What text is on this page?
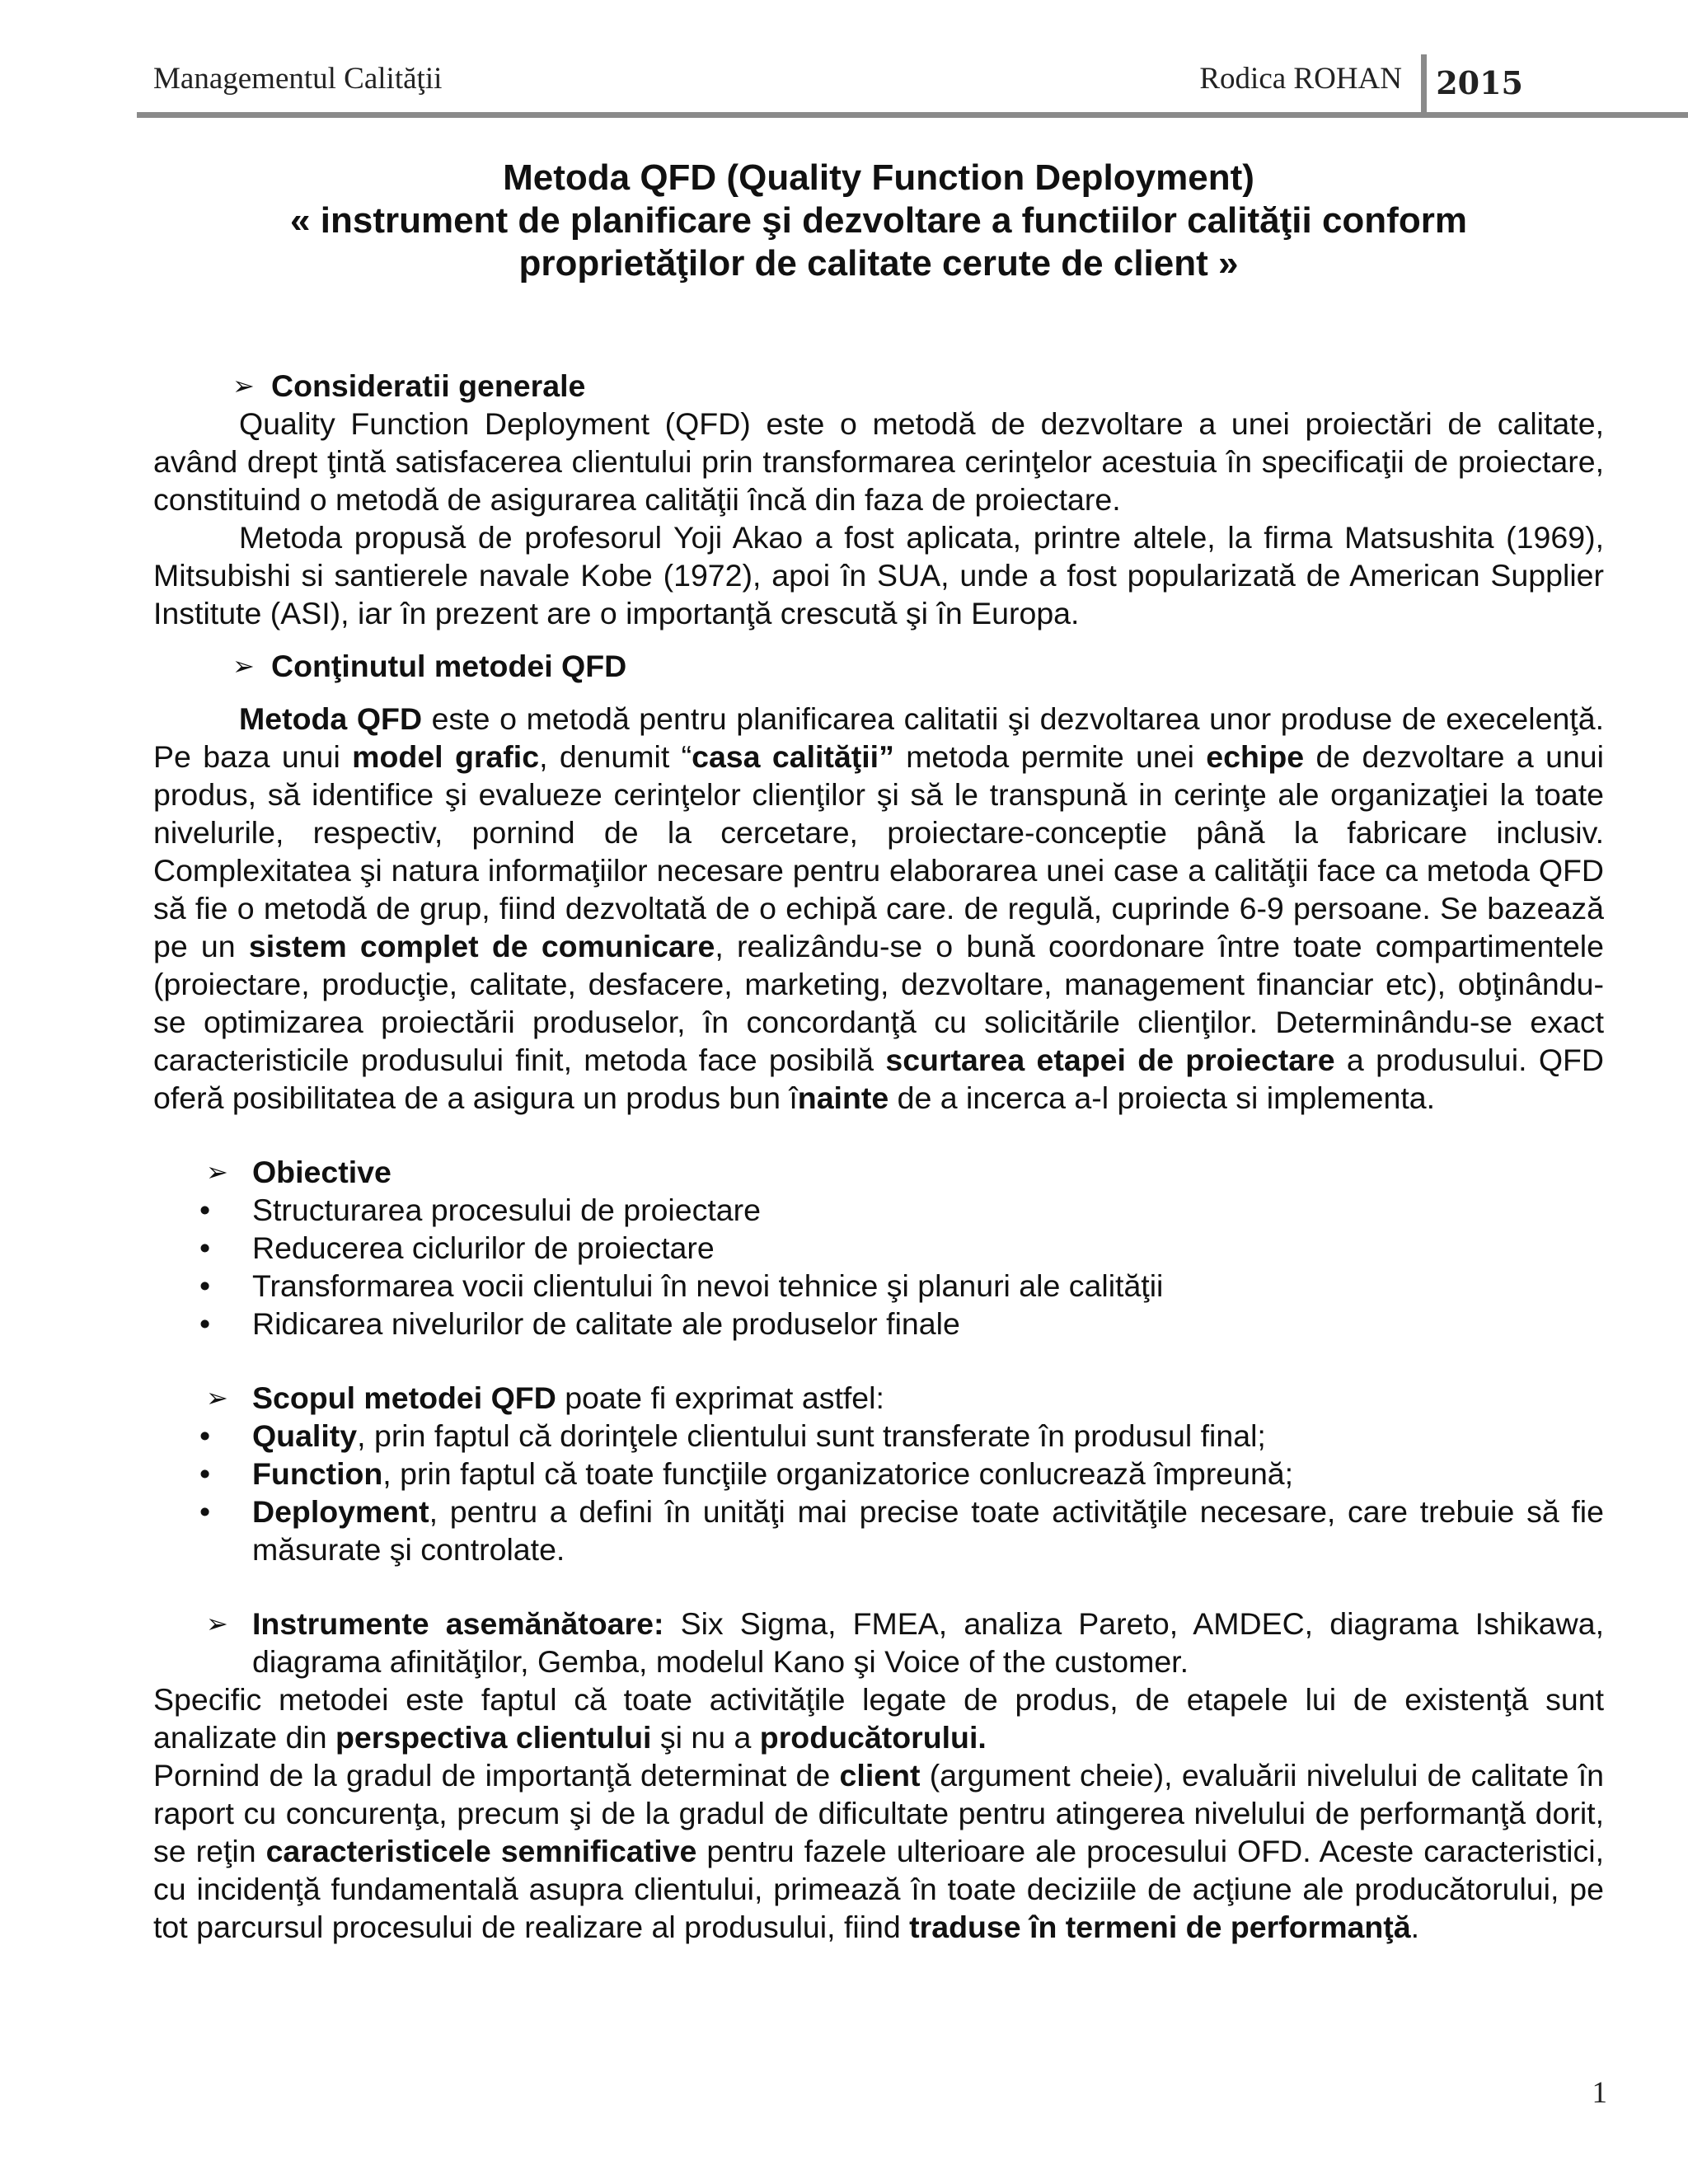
Managementul Calităţii	Rodica ROHAN 2015
Metoda QFD (Quality Function Deployment)
« instrument de planificare şi dezvoltare a functiilor calităţii conform
proprietăţilor de calitate cerute de client »

➢ Consideratii generale

Quality Function Deployment (QFD) este o metodă de dezvoltare a unei proiectări de calitate, având drept ţintă satisfacerea clientului prin transformarea cerinţelor acestuia în specificaţii de proiectare, constituind o metodă de asigurarea calităţii încă din faza de proiectare.

Metoda propusă de profesorul Yoji Akao a fost aplicata, printre altele, la firma Matsushita (1969), Mitsubishi si santierele navale Kobe (1972), apoi în SUA, unde a fost popularizată de American Supplier Institute (ASI), iar în prezent are o importanţă crescută şi în Europa.

➢ Conţinutul metodei QFD

Metoda QFD este o metodă pentru planificarea calitatii şi dezvoltarea unor produse de execelenţă. Pe baza unui model grafic, denumit “casa calităţii” metoda permite unei echipe de dezvoltare a unui produs, să identifice şi evalueze cerinţelor clienţilor şi să le transpună in cerinţe ale organizaţiei la toate nivelurile, respectiv, pornind de la cercetare, proiectare-conceptie până la fabricare inclusiv. Complexitatea şi natura informaţiilor necesare pentru elaborarea unei case a calităţii face ca metoda QFD să fie o metodă de grup, fiind dezvoltată de o echipă care. de regulă, cuprinde 6-9 persoane. Se bazează pe un sistem complet de comunicare, realizându-se o bună coordonare între toate compartimentele (proiectare, producţie, calitate, desfacere, marketing, dezvoltare, management financiar etc), obţinându-se optimizarea proiectării produselor, în concordanţă cu solicitările clienţilor. Determinându-se exact caracteristicile produsului finit, metoda face posibilă scurtarea etapei de proiectare a produsului. QFD oferă posibilitatea de a asigura un produs bun înainte de a incerca a-l proiecta si implementa.

➢ Obiective

• Structurarea procesului de proiectare
• Reducerea ciclurilor de proiectare
• Transformarea vocii clientului în nevoi tehnice şi planuri ale calităţii
• Ridicarea nivelurilor de calitate ale produselor finale

➢ Scopul metodei QFD poate fi exprimat astfel:

• Quality, prin faptul că dorinţele clientului sunt transferate în produsul final;
• Function, prin faptul că toate funcţiile organizatorice conlucrează împreună;
• Deployment, pentru a defini în unităţi mai precise toate activităţile necesare, care trebuie să fie măsurate şi controlate.

➢ Instrumente asemănătoare: Six Sigma, FMEA, analiza Pareto, AMDEC, diagrama Ishikawa, diagrama afinităţilor, Gemba, modelul Kano şi Voice of the customer.

Specific metodei este faptul că toate activităţile legate de produs, de etapele lui de existenţă sunt analizate din perspectiva clientului şi nu a producătorului.

Pornind de la gradul de importanţă determinat de client (argument cheie), evaluării nivelului de calitate în raport cu concurenţa, precum şi de la gradul de dificultate pentru atingerea nivelului de performanţă dorit, se reţin caracteristicele semnificative pentru fazele ulterioare ale procesului OFD. Aceste caracteristici, cu incidenţă fundamentală asupra clientului, primează în toate deciziile de acţiune ale producătorului, pe tot parcursul procesului de realizare al produsului, fiind traduse în termeni de performanţă.

1
